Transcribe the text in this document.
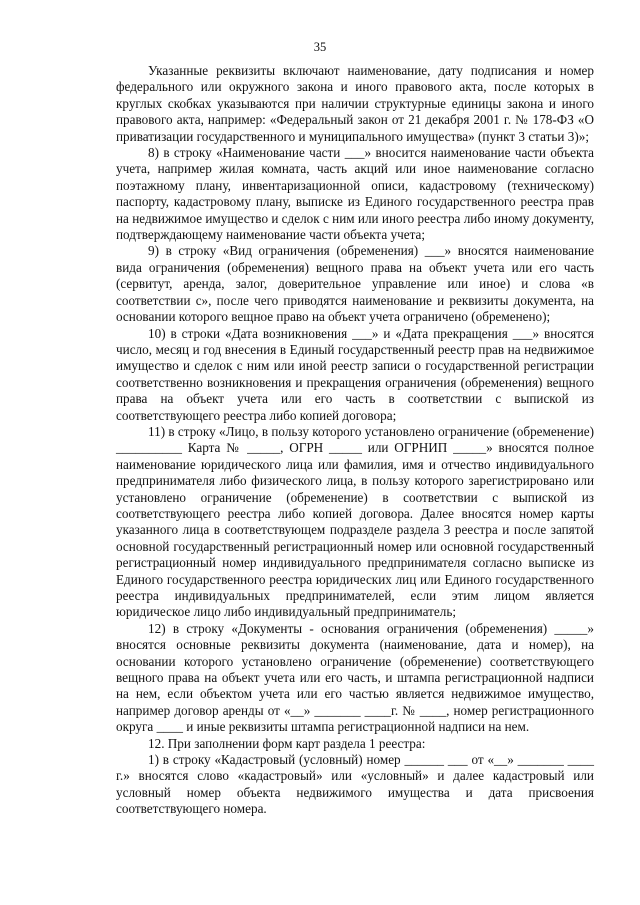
35

Указанные реквизиты включают наименование, дату подписания и номер федерального или окружного закона и иного правового акта, после которых в круглых скобках указываются при наличии структурные единицы закона и иного правового акта, например: «Федеральный закон от 21 декабря 2001 г. № 178-ФЗ «О приватизации государственного и муниципального имущества» (пункт 3 статьи 3)»;

8) в строку «Наименование части ___» вносится наименование части объекта учета, например жилая комната, часть акций или иное наименование согласно поэтажному плану, инвентаризационной описи, кадастровому (техническому) паспорту, кадастровому плану, выписке из Единого государственного реестра прав на недвижимое имущество и сделок с ним или иного реестра либо иному документу, подтверждающему наименование части объекта учета;

9) в строку «Вид ограничения (обременения) ___» вносятся наименование вида ограничения (обременения) вещного права на объект учета или его часть (сервитут, аренда, залог, доверительное управление или иное) и слова «в соответствии с», после чего приводятся наименование и реквизиты документа, на основании которого вещное право на объект учета ограничено (обременено);

10) в строки «Дата возникновения ___» и «Дата прекращения ___» вносятся число, месяц и год внесения в Единый государственный реестр прав на недвижимое имущество и сделок с ним или иной реестр записи о государственной регистрации соответственно возникновения и прекращения ограничения (обременения) вещного права на объект учета или его часть в соответствии с выпиской из соответствующего реестра либо копией договора;

11) в строку «Лицо, в пользу которого установлено ограничение (обременение) __________ Карта № _____, ОГРН _____ или ОГРНИП _____» вносятся полное наименование юридического лица или фамилия, имя и отчество индивидуального предпринимателя либо физического лица, в пользу которого зарегистрировано или установлено ограничение (обременение) в соответствии с выпиской из соответствующего реестра либо копией договора. Далее вносятся номер карты указанного лица в соответствующем подразделе раздела 3 реестра и после запятой основной государственный регистрационный номер или основной государственный регистрационный номер индивидуального предпринимателя согласно выписке из Единого государственного реестра юридических лиц или Единого государственного реестра индивидуальных предпринимателей, если этим лицом является юридическое лицо либо индивидуальный предприниматель;

12) в строку «Документы - основания ограничения (обременения) _____» вносятся основные реквизиты документа (наименование, дата и номер), на основании которого установлено ограничение (обременение) соответствующего вещного права на объект учета или его часть, и штампа регистрационной надписи на нем, если объектом учета или его частью является недвижимое имущество, например договор аренды от «__» _______ ____г. № ____, номер регистрационного округа ____ и иные реквизиты штампа регистрационной надписи на нем.

12. При заполнении форм карт раздела 1 реестра:

1) в строку «Кадастровый (условный) номер ______ ___ от «__» _______ ____ г.» вносятся слово «кадастровый» или «условный» и далее кадастровый или условный номер объекта недвижимого имущества и дата присвоения соответствующего номера.
